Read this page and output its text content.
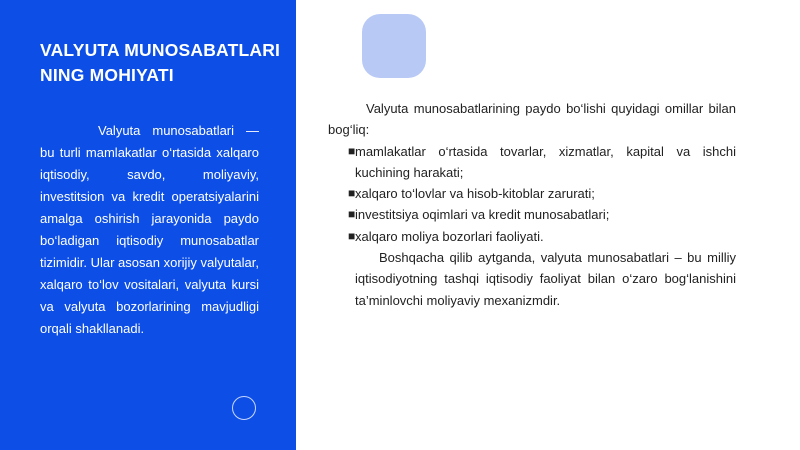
VALYUTA MUNOSABATLARINING MOHIYATI

Valyuta munosabatlari — bu turli mamlakatlar o‘rtasida xalqaro iqtisodiy, savdo, moliyaviy, investitsion va kredit operatsiyalarini amalga oshirish jarayonida paydo bo‘ladigan iqtisodiy munosabatlar tizimidir. Ular asosan xorijiy valyutalar, xalqaro to‘lov vositalari, valyuta kursi va valyuta bozorlarining mavjudligi orqali shakllanadi.

Valyuta munosabatlarining paydo bo‘lishi quyidagi omillar bilan bog‘liq:

■ mamlakatlar o‘rtasida tovarlar, xizmatlar, kapital va ishchi kuchining harakati;
■ xalqaro to‘lovlar va hisob-kitoblar zarurati;
■ investitsiya oqimlari va kredit munosabatlari;
■ xalqaro moliya bozorlari faoliyati.

Boshqacha qilib aytganda, valyuta munosabatlari – bu milliy iqtisodiyotning tashqi iqtisodiy faoliyat bilan o‘zaro bog‘lanishini ta’minlovchi moliyaviy mexanizmdir.
